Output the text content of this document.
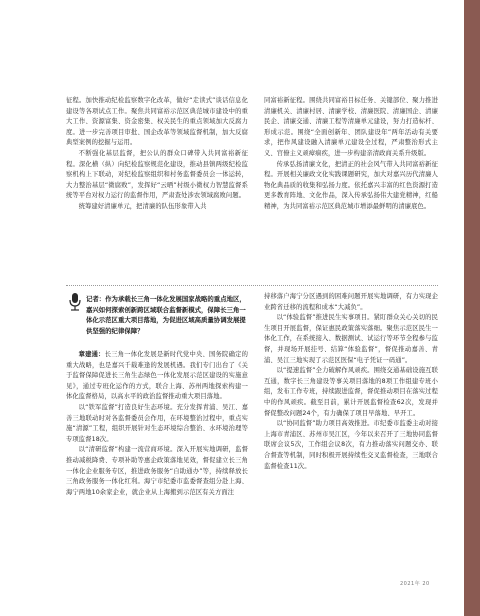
征程。加快推动纪检监察数字化改革，做好“走读式”谈话信息化建设等各项试点工作。聚焦共同富裕示范区典范城市建设中的重大工作、资源富集、资金密集、权关民生的重点领域加大反腐力度。进一步完善项目审批、国企改革等领域监督机制，加大反腐典型案例的挖掘与运用。

不断强化基层监督，把公认的群众口碑带入共同富裕新征程。深化横（纵）向纪检监察规范化建设，推动县镇两级纪检监察机构上下联动，对纪检监察组织和村务监督委员会一体运转，大力整治基层“微腐败”，发挥好“云晒”村级小微权力智慧监督系统等平台对权力运行的监督作用，严肃查处涉农领域腐败问题。

统筹建好清廉单元，把清廉的队伍形象带入共

同富裕新征程。围绕共同富裕目标任务、关键部位、聚力推进清廉机关、清廉村居、清廉学校、清廉医院、清廉国企、清廉民企、清廉交通、清廉工程等清廉单元建设，努力打造标杆、形成示范。围绕“全面创新年、团队建设年”两年活动有关要求，把作风建设融入清廉单元建设全过程，严肃整治形式主义、官僚主义顽瘴痼疾，进一步构建亲清政商关系升级版。

传承弘扬清廉文化，把清正的社会风气带入共同富裕新征程。开展相关廉政文化实践课题研究，加大对嘉兴历代清廉人物化典品质的收集和弘扬力度。依托嘉兴丰富的红色资源打造更多教育阵地、文化作品，深入传承弘扬伟大建党精神，红船精神，为共同富裕示范区典范城市增添最鲜明的清廉底色。

记者：作为承载长三角一体化发展国家战略的重点地区，嘉兴如何探索创新跨区域联合监督新模式，保障长三角一体化示范区重大项目落地，为促进区域高质量协调发展提供坚强的纪律保障？

章建通：长三角一体化发展是新时代党中央、国务院确定的重大战略，也是嘉兴千载难逢的发展机遇。我们专门出台了《关于监督保障促进长三角生态绿色一体化发展示范区建设的实施意见》，通过专班化运作的方式，联合上海、苏州两地探索构建一体化监督格局，以高水平的政治监督推动重大项目落地。

以“铁军监督”打造良好生态环境。充分发挥青浦、吴江、嘉善三地联动时对各监督委员会作用，在环境整治过程中，重点实施“清源”工程，组织开展针对生态环境综合整治、水环境治理等专项监督18次。

以“清研监督”构建一流营商环境。深入开展实地调研，监督推动减税降费、专项补助等惠企政策落地见效，督促建立长三角一体化企业服务专区，推进政务服务“自助通办”等，持续释放长三角政务服务一体化红利。海宁市纪委市监委督查组分赴上海、海宁两地10余家企业，就企业从上海搬到示范区有关方面注

持移落户海宁分区遇到的困难问题开展实地调研，有力实现企业跨省迁移的流程和成本“大减负”。

以“体验监督”推进民生实事项目。紧盯群众关心关切的民生项目开展监督，保证惠民政策落实落细。聚焦示范区民生一体化工作，在系统接入、数据测试、试运行等环节全程参与监督，并现场开展挂号、结算“体验监督”，督促推动嘉善、青浦、吴江三地实现了示范区医保“电子凭证一码通”。

以“提速监督”全力破解作风顽疾。围绕交通基础设施互联互通，数字长三角建设等事关项目落地的8项工作组建专班小组，发布工作专班，持续跟进监督，督促推动项目在落实过程中的作风顽疾。截至目前，累计开展监督检查62次，发现并督促整改问题24个，有力确保了项目早落地、早开工。

以“协同监督”助力项目高效推进。市纪委市监委主动对接上海市青浦区、苏州市吴江区，今年以来召开了三地协同监督联席会议5次，工作组会议8次，有力推动落实问题交办、联合督查等机制，同时积极开展持续性交叉监督检查，三地联合监督检查11次。

2021年 20
